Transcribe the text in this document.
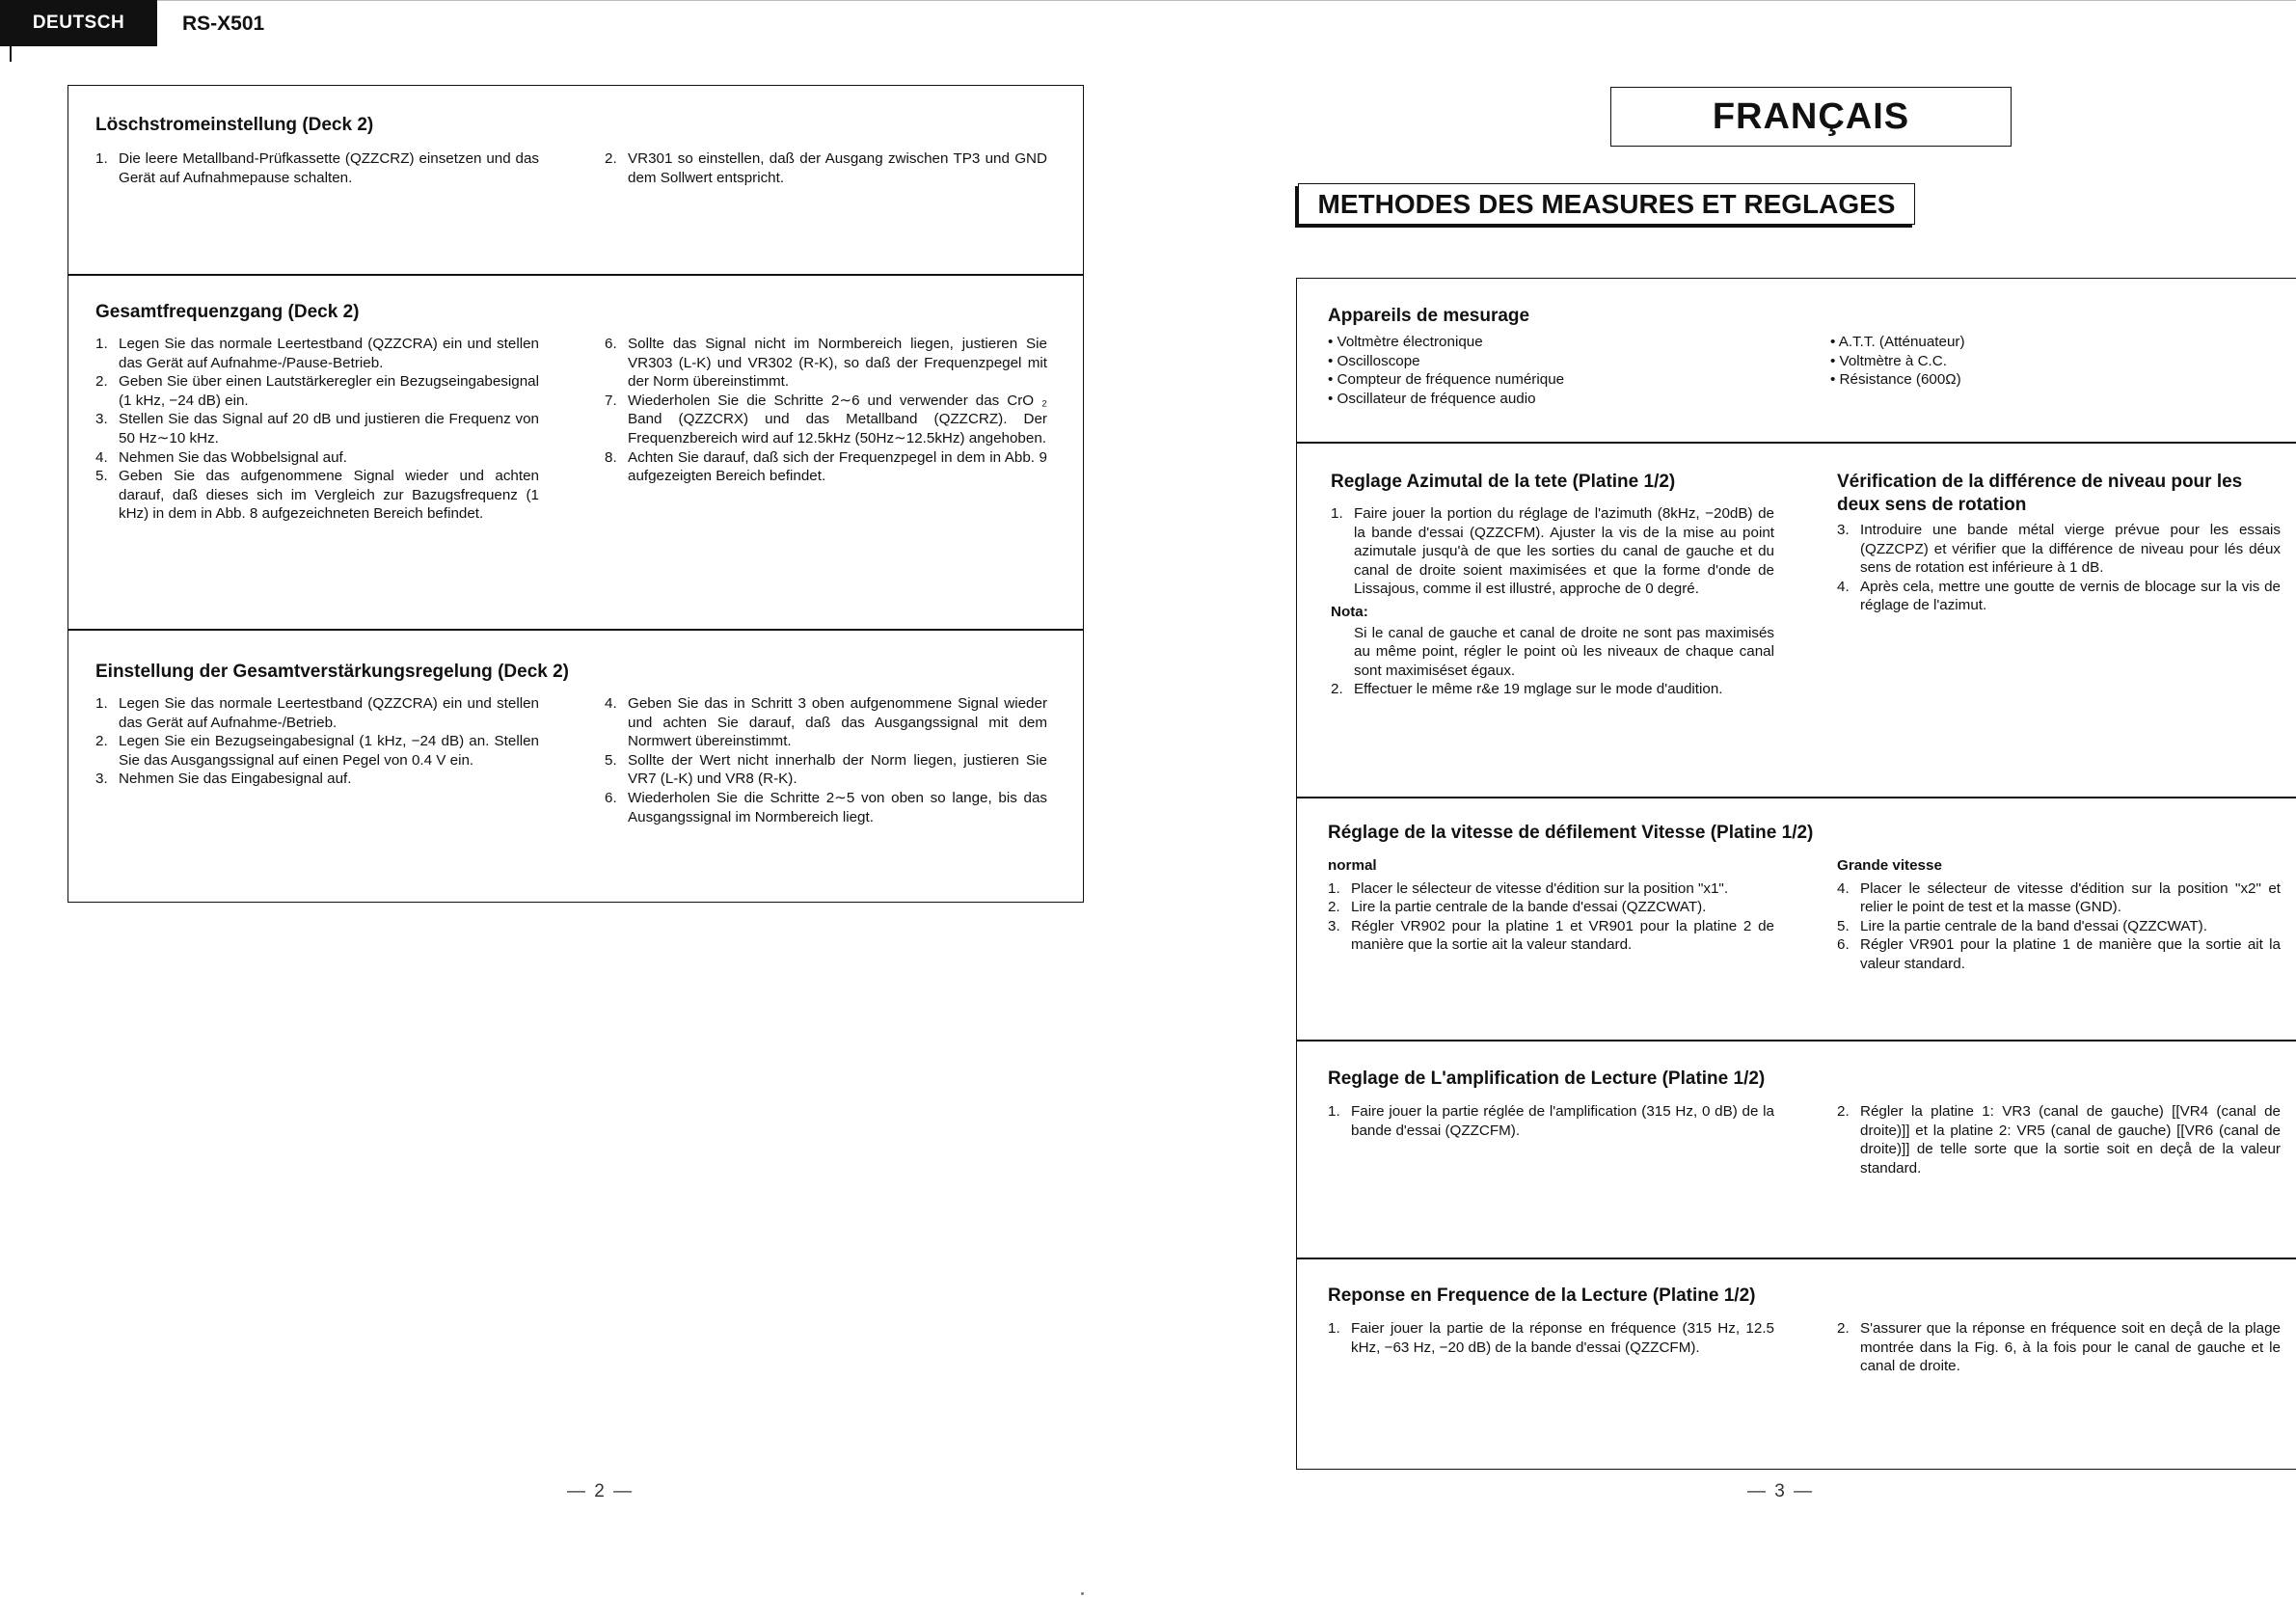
DEUTSCH	RS-X501
Löschstromeinstellung (Deck 2)
1. Die leere Metallband-Prüfkassette (QZZCRZ) einsetzen und das Gerät auf Aufnahmepause schalten.
2. VR301 so einstellen, daß der Ausgang zwischen TP3 und GND dem Sollwert entspricht.
Gesamtfrequenzgang (Deck 2)
1. Legen Sie das normale Leertestband (QZZCRA) ein und stellen das Gerät auf Aufnahme-/Pause-Betrieb.
2. Geben Sie über einen Lautstärkeregler ein Bezugseingabesignal (1 kHz, −24 dB) ein.
3. Stellen Sie das Signal auf 20 dB und justieren die Frequenz von 50 Hz∼10 kHz.
4. Nehmen Sie das Wobbelsignal auf.
5. Geben Sie das aufgenommene Signal wieder und achten darauf, daß dieses sich im Vergleich zur Bazugsfrequenz (1 kHz) in dem in Abb. 8 aufgezeichneten Bereich befindet.
6. Sollte das Signal nicht im Normbereich liegen, justieren Sie VR303 (L-K) und VR302 (R-K), so daß der Frequenzpegel mit der Norm übereinstimmt.
7. Wiederholen Sie die Schritte 2∼6 und verwender das CrO ₂ Band (QZZCRX) und das Metallband (QZZCRZ). Der Frequenzbereich wird auf 12.5kHz (50Hz∼12.5kHz) angehoben.
8. Achten Sie darauf, daß sich der Frequenzpegel in dem in Abb. 9 aufgezeigten Bereich befindet.
Einstellung der Gesamtverstärkungsregelung (Deck 2)
1. Legen Sie das normale Leertestband (QZZCRA) ein und stellen das Gerät auf Aufnahme-/Betrieb.
2. Legen Sie ein Bezugseingabesignal (1 kHz, −24 dB) an. Stellen Sie das Ausgangssignal auf einen Pegel von 0.4 V ein.
3. Nehmen Sie das Eingabesignal auf.
4. Geben Sie das in Schritt 3 oben aufgenommene Signal wieder und achten Sie darauf, daß das Ausgangssignal mit dem Normwert übereinstimmt.
5. Sollte der Wert nicht innerhalb der Norm liegen, justieren Sie VR7 (L-K) und VR8 (R-K).
6. Wiederholen Sie die Schritte 2∼5 von oben so lange, bis das Ausgangssignal im Normbereich liegt.
— 2 —
FRANÇAIS
METHODES DES MEASURES ET REGLAGES
Appareils de mesurage
• Voltmètre électronique
• Oscilloscope
• Compteur de fréquence numérique
• Oscillateur de fréquence audio
• A.T.T. (Atténuateur)
• Voltmètre à C.C.
• Résistance (600Ω)
Reglage Azimutal de la tete (Platine 1/2)
1. Faire jouer la portion du réglage de l'azimuth (8kHz, −20dB) de la bande d'essai (QZZCFM). Ajuster la vis de la mise au point azimutale jusqu'à de que les sorties du canal de gauche et du canal de droite soient maximisées et que la forme d'onde de Lissajous, comme il est illustré, approche de 0 degré.
Nota:
Si le canal de gauche et canal de droite ne sont pas maximisés au même point, régler le point où les niveaux de chaque canal sont maximiséset égaux.
2. Effectuer le même r&e 19 mglage sur le mode d'audition.
Vérification de la différence de niveau pour les deux sens de rotation
3. Introduire une bande métal vierge prévue pour les essais (QZZCPZ) et vérifier que la différence de niveau pour lés déux sens de rotation est inférieure à 1 dB.
4. Après cela, mettre une goutte de vernis de blocage sur la vis de réglage de l'azimut.
Réglage de la vitesse de défilement Vitesse (Platine 1/2)
normal
1. Placer le sélecteur de vitesse d'édition sur la position "x1".
2. Lire la partie centrale de la bande d'essai (QZZCWAT).
3. Régler VR902 pour la platine 1 et VR901 pour la platine 2 de manière que la sortie ait la valeur standard.
Grande vitesse
4. Placer le sélecteur de vitesse d'édition sur la position "x2" et relier le point de test et la masse (GND).
5. Lire la partie centrale de la band d'essai (QZZCWAT).
6. Régler VR901 pour la platine 1 de manière que la sortie ait la valeur standard.
Reglage de L'amplification de Lecture (Platine 1/2)
1. Faire jouer la partie réglée de l'amplification (315 Hz, 0 dB) de la bande d'essai (QZZCFM).
2. Régler la platine 1: VR3 (canal de gauche) [[VR4 (canal de droite)]] et la platine 2: VR5 (canal de gauche) [[VR6 (canal de droite)]] de telle sorte que la sortie soit en deçå de la valeur standard.
Reponse en Frequence de la Lecture (Platine 1/2)
1. Faier jouer la partie de la réponse en fréquence (315 Hz, 12.5 kHz, −63 Hz, −20 dB) de la bande d'essai (QZZCFM).
2. S'assurer que la réponse en fréquence soit en deçå de la plage montrée dans la Fig. 6, à la fois pour le canal de gauche et le canal de droite.
— 3 —
